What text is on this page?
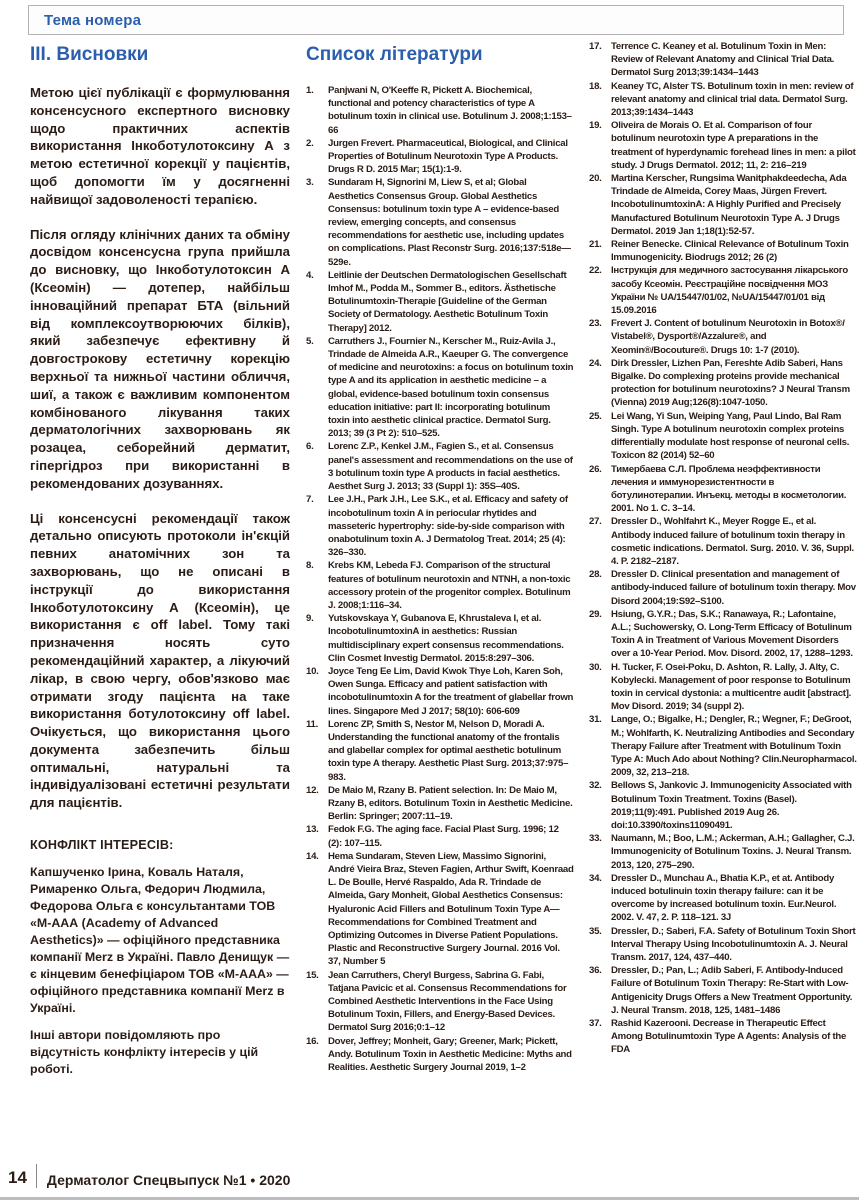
Тема номера
ІІІ. Висновки

Метою цієї публікації є формулювання консенсусного експертного висновку щодо практичних аспектів використання Інкоботулотоксину А з метою естетичної корекції у пацієнтів, щоб допомогти їм у досягненні найвищої задоволеності терапією.

Після огляду клінічних даних та обміну досвідом консенсусна група прийшла до висновку, що Інкоботулотоксин А (Ксеомін) — дотепер, найбільш інноваційний препарат БТА (вільний від комплексоутворюючих білків), який забезпечує ефективну й довгострокову естетичну корекцію верхньої та нижньої частини обличчя, шиї, а також є важливим компонентом комбінованого лікування таких дерматологічних захворювань як розацеа, себорейний дерматит, гіпергідроз при використанні в рекомендованих дозуваннях.

Ці консенсусні рекомендації також детально описують протоколи ін'єкцій певних анатомічних зон та захворювань, що не описані в інструкції до використання Інкоботулотоксину А (Ксеомін), це використання є off label. Тому такі призначення носять суто рекомендаційний характер, а лікуючий лікар, в свою чергу, обов'язково має отримати згоду пацієнта на таке використання ботулотоксину off label. Очікується, що використання цього документа забезпечить більш оптимальні, натуральні та індивідуалізовані естетичні результати для пацієнтів.

КОНФЛІКТ ІНТЕРЕСІВ:

Капшученко Ірина, Коваль Наталя, Римаренко Ольга, Федорич Людмила, Федорова Ольга є консультантами ТОВ «М-ААА (Academy of Advanced Aesthetics)» — офіційного представника компанії Merz в Україні. Павло Денищук — є кінцевим бенефіціаром ТОВ «М-ААА» — офіційного представника компанії Merz в Україні.

Інші автори повідомляють про відсутність конфлікту інтересів у цій роботі.

Список літератури
1.	Panjwani N, O'Keeffe R, Pickett A. Biochemical, functional and potency characteristics of type A botulinum toxin in clinical use. Botulinum J. 2008;1:153–66
2.	Jurgen Frevert. Pharmaceutical, Biological, and Clinical Properties of Botulinum Neurotoxin Type A Products. Drugs R D. 2015 Mar; 15(1):1-9.
3.	Sundaram H, Signorini M, Liew S, et al; Global Aesthetics Consensus Group. Global Aesthetics Consensus: botulinum toxin type A – evidence-based review, emerging concepts, and consensus recommendations for aesthetic use, including updates on complications. Plast Reconstr Surg. 2016;137:518e—529e.
4.	Leitlinie der Deutschen Dermatologischen Gesellschaft Imhof M., Podda M., Sommer B., editors. Ästhetische Botulinumtoxin-Therapie [Guideline of the German Society of Dermatology. Aesthetic Botulinum Toxin Therapy] 2012.
5.	Carruthers J., Fournier N., Kerscher M., Ruiz-Avila J., Trindade de Almeida A.R., Kaeuper G. The convergence of medicine and neurotoxins: a focus on botulinum toxin type A and its application in aesthetic medicine – a global, evidence-based botulinum toxin consensus education initiative: part II: incorporating botulinum toxin into aesthetic clinical practice. Dermatol Surg. 2013; 39 (3 Pt 2): 510–525.
6.	Lorenc Z.P., Kenkel J.M., Fagien S., et al. Consensus panel's assessment and recommendations on the use of 3 botulinum toxin type A products in facial aesthetics. Aesthet Surg J. 2013; 33 (Suppl 1): 35S–40S.
7.	Lee J.H., Park J.H., Lee S.K., et al. Efficacy and safety of incobotulinum toxin A in periocular rhytides and masseteric hypertrophy: side-by-side comparison with onabotulinum toxin A. J Dermatolog Treat. 2014; 25 (4): 326–330.
8.	Krebs KM, Lebeda FJ. Comparison of the structural features of botulinum neurotoxin and NTNH, a non-toxic accessory protein of the progenitor complex. Botulinum J. 2008;1:116–34.
9.	Yutskovskaya Y, Gubanova E, Khrustaleva I, et al. IncobotulinumtoxinA in aesthetics: Russian multidisciplinary expert consensus recommendations. Clin Cosmet Investig Dermatol. 2015:8:297–306.
10. Joyce Teng Ee Lim, David Kwok Thye Loh, Karen Soh, Owen Sunga. Efficacy and patient satisfaction with incobotulinumtoxin A for the treatment of glabellar frown lines. Singapore Med J 2017; 58(10): 606-609
11.	Lorenc ZP, Smith S, Nestor M, Nelson D, Moradi A. Understanding the functional anatomy of the frontalis and glabellar complex for optimal aesthetic botulinum toxin type A therapy. Aesthetic Plast Surg. 2013;37:975–983.
12. De Maio M, Rzany B. Patient selection. In: De Maio M, Rzany B, editors. Botulinum Toxin in Aesthetic Medicine. Berlin: Springer; 2007:11–19.
13. Fedok F.G. The aging face. Facial Plast Surg. 1996; 12 (2): 107–115.
14. Hema Sundaram, Steven Liew, Massimo Signorini, André Vieira Braz, Steven Fagien, Arthur Swift, Koenraad L. De Boulle, Hervé Raspaldo, Ada R. Trindade de Almeida, Gary Monheit, Global Aesthetics Consensus: Hyaluronic Acid Fillers and Botulinum Toxin Type A—Recommendations for Combined Treatment and Optimizing Outcomes in Diverse Patient Populations. Plastic and Reconstructive Surgery Journal. 2016 Vol. 37, Number 5
15. Jean Carruthers, Cheryl Burgess, Sabrina G. Fabi, Tatjana Pavicic et al. Consensus Recommendations for Combined Aesthetic Interventions in the Face Using Botulinum Toxin, Fillers, and Energy-Based Devices. Dermatol Surg 2016;0:1–12
16. Dover, Jeffrey; Monheit, Gary; Greener, Mark; Pickett, Andy. Botulinum Toxin in Aesthetic Medicine: Myths and Realities. Aesthetic Surgery Journal 2019, 1–2
17. Terrence C. Keaney et al. Botulinum Toxin in Men: Review of Relevant Anatomy and Clinical Trial Data. Dermatol Surg 2013;39:1434–1443
18. Keaney TC, Alster TS. Botulinum toxin in men: review of relevant anatomy and clinical trial data. Dermatol Surg. 2013;39:1434–1443
19. Oliveira de Morais O. Et al. Comparison of four botulinum neurotoxin type A preparations in the treatment of hyperdynamic forehead lines in men: a pilot study. J Drugs Dermatol. 2012; 11, 2: 216–219
20. Martina Kerscher, Rungsima Wanitphakdeedecha, Ada Trindade de Almeida, Corey Maas, Jürgen Frevert. IncobotulinumtoxinA: A Highly Purified and Precisely Manufactured Botulinum Neurotoxin Type A. J Drugs Dermatol. 2019 Jan 1;18(1):52-57.
21. Reiner Benecke. Clinical Relevance of Botulinum Toxin Immunogenicity. Biodrugs 2012; 26 (2)
22. Інструкція для медичного застосування лікарського засобу Ксеомін. Реєстраційне посвідчення МОЗ України № UA/15447/01/02, №UA/15447/01/01 від 15.09.2016
23. Frevert J. Content of botulinum Neurotoxin in Botox®/ Vistabel®, Dysport®/Azzalure®, and Xeomin®/Bocouture®. Drugs 10: 1-7 (2010).
24. Dirk Dressler, Lizhen Pan, Fereshte Adib Saberi, Hans Bigalke. Do complexing proteins provide mechanical protection for botulinum neurotoxins? J Neural Transm (Vienna) 2019 Aug;126(8):1047-1050.
25. Lei Wang, Yi Sun, Weiping Yang, Paul Lindo, Bal Ram Singh. Type A botulinum neurotoxin complex proteins differentially modulate host response of neuronal cells. Toxicon 82 (2014) 52–60
26. Тимербаева С.Л. Проблема неэффективности лечения и иммунорезистентности в ботулинотерапии. Инъекц. методы в косметологии. 2001. No 1. С. 3–14.
27. Dressler D., Wohlfahrt K., Meyer Rogge E., et al. Antibody induced failure of botulinum toxin therapy in cosmetic indications. Dermatol. Surg. 2010. V. 36, Suppl. 4. P. 2182–2187.
28. Dressler D. Clinical presentation and management of antibody-induced failure of botulinum toxin therapy. Mov Disord 2004;19:S92–S100.
29. Hsiung, G.Y.R.; Das, S.K.; Ranawaya, R.; Lafontaine, A.L.; Suchowersky, O. Long-Term Efficacy of Botulinum Toxin A in Treatment of Various Movement Disorders over a 10-Year Period. Mov. Disord. 2002, 17, 1288–1293.
30. H. Tucker, F. Osei-Poku, D. Ashton, R. Lally, J. Alty, C. Kobylecki. Management of poor response to Botulinum toxin in cervical dystonia: a multicentre audit [abstract]. Mov Disord. 2019; 34 (suppl 2).
31. Lange, O.; Bigalke, H.; Dengler, R.; Wegner, F.; DeGroot, M.; Wohlfarth, K. Neutralizing Antibodies and Secondary Therapy Failure after Treatment with Botulinum Toxin Type A: Much Ado about Nothing? Clin.Neuropharmacol. 2009, 32, 213–218.
32. Bellows S, Jankovic J. Immunogenicity Associated with Botulinum Toxin Treatment. Toxins (Basel). 2019;11(9):491. Published 2019 Aug 26. doi:10.3390/toxins11090491.
33. Naumann, M.; Boo, L.M.; Ackerman, A.H.; Gallagher, C.J. Immunogenicity of Botulinum Toxins. J. Neural Transm. 2013, 120, 275–290.
34. Dressler D., Munchau A., Bhatia K.P., et at. Antibody induced botulinuin toxin therapy failure: can it be overcome by increased botulinum toxin. Eur.Neurol. 2002. V. 47, 2. P. 118–121. 3J
35. Dressler, D.; Saberi, F.A. Safety of Botulinum Toxin Short Interval Therapy Using Incobotulinumtoxin A. J. Neural Transm. 2017, 124, 437–440.
36. Dressler, D.; Pan, L.; Adib Saberi, F. Antibody-Induced Failure of Botulinum Toxin Therapy: Re-Start with Low-Antigenicity Drugs Offers a New Treatment Opportunity. J. Neural Transm. 2018, 125, 1481–1486
37. Rashid Kazerooni. Decrease in Therapeutic Effect Among Botulinumtoxin Type A Agents: Analysis of the FDA
14 Дерматолог Спецвыпуск №1 • 2020
